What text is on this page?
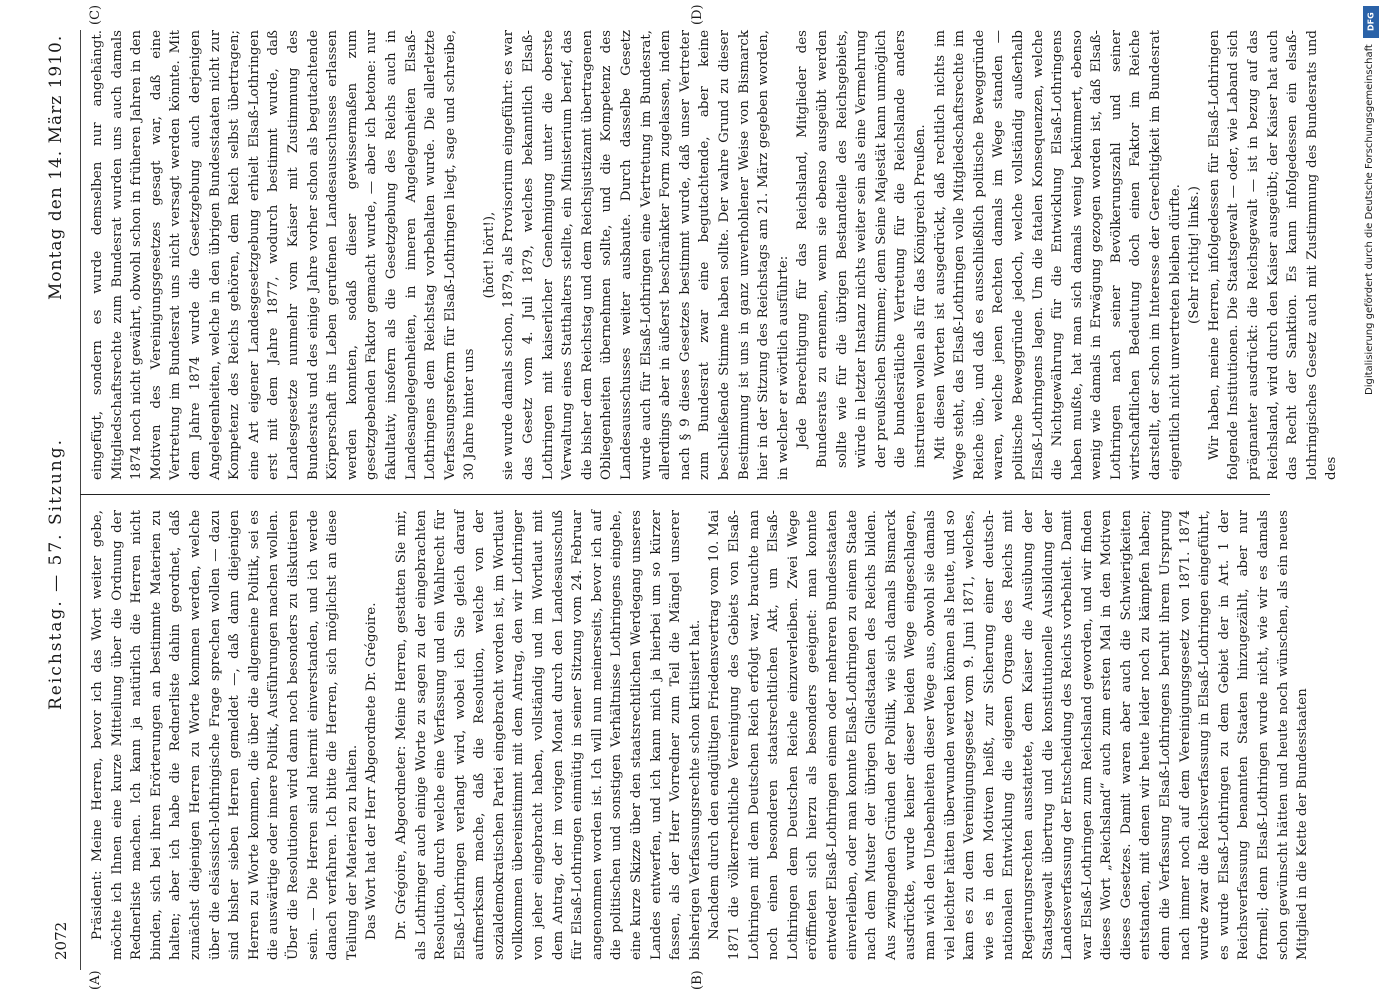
2072
Reichstag. — 57. Sitzung.
Montag den 14. März 1910.
(A)	(B)
(C)	(D)

Präsident: Meine Herren, bevor ich das Wort weiter gebe, möchte ich Ihnen eine kurze Mitteilung über die Ordnung der Rednerliste machen. Ich kann ja natürlich die Herren nicht binden, sich bei ihren Erörterungen an bestimmte Materien zu halten; aber ich habe die Rednerliste dahin geordnet, daß zunächst diejenigen Herren zu Worte kommen werden, welche über die elsässisch-lothringische Frage sprechen wollen — dazu sind bisher sieben Herren gemeldet —, daß dann diejenigen Herren zu Worte kommen, die über die allgemeine Politik, sei es die auswärtige oder innere Politik, Ausführungen machen wollen. Über die Resolutionen wird dann noch besonders zu diskutieren sein. — Die Herren sind hiermit einverstanden, und ich werde danach verfahren. Ich bitte die Herren, sich möglichst an diese Teilung der Materien zu halten. Das Wort hat der Herr Abgeordnete Dr. Grégoire. Dr. Grégoire, Abgeordneter: Meine Herren, gestatten Sie mir, als Lothringer auch einige Worte zu sagen zu der eingebrachten Resolution, durch welche eine Verfassung und ein Wahlrecht für Elsaß-Lothringen verlangt wird, wobei ich Sie gleich darauf aufmerksam mache, daß die Resolution, welche von der sozialdemokratischen Partei eingebracht worden ist, im Wortlaut vollkommen übereinstimmt mit dem Antrag, den wir Lothringer von jeher eingebracht haben, vollständig und im Wortlaut mit dem Antrag, der im vorigen Monat durch den Landesausschuß für Elsaß-Lothringen einmütig in seiner Sitzung vom 24. Februar angenommen worden ist. Ich will nun meinerseits, bevor ich auf die politischen und sonstigen Verhältnisse Lothringens eingehe, eine kurze Skizze über den staatsrechtlichen Werdegang unseres Landes entwerfen, und ich kann mich ja hierbei um so kürzer fassen, als der Herr Vorredner zum Teil die Mängel unserer bisherigen Verfassungsrechte schon kritisiert hat. Nachdem durch den endgültigen Friedensvertrag vom 10. Mai 1871 die völkerrechtliche Vereinigung des Gebiets von Elsaß-Lothringen mit dem Deutschen Reich erfolgt war, brauchte man noch einen besonderen staatsrechtlichen Akt, um Elsaß-Lothringen dem Deutschen Reiche einzuverleiben. Zwei Wege eröffneten sich hierzu als besonders geeignet: man konnte entweder Elsaß-Lothringen einem oder mehreren Bundesstaaten einverleiben, oder man konnte Elsaß-Lothringen zu einem Staate nach dem Muster der übrigen Gliedstaaten des Reichs bilden. Aus zwingenden Gründen der Politik, wie sich damals Bismarck ausdrückte, wurde keiner dieser beiden Wege eingeschlagen, man wich den Unebenheiten dieser Wege aus, obwohl sie damals viel leichter hätten überwunden werden können als heute, und so kam es zu dem Vereinigungsgesetz vom 9. Juni 1871, welches, wie es in den Motiven heißt, zur Sicherung einer deutsch-nationalen Entwicklung die eigenen Organe des Reichs mit Regierungsrechten ausstattete, dem Kaiser die Ausübung der Staatsgewalt übertrug und die konstitutionelle Ausbildung der Landesverfassung der Entscheidung des Reichs vorbehielt. Damit war Elsaß-Lothringen zum Reichsland geworden, und wir finden dieses Wort „Reichsland“ auch zum ersten Mal in den Motiven dieses Gesetzes. Damit waren aber auch die Schwierigkeiten entstanden, mit denen wir heute leider noch zu kämpfen haben; denn die Verfassung Elsaß-Lothringens beruht ihrem Ursprung nach immer noch auf dem Vereinigungsgesetz von 1871. 1874 wurde zwar die Reichsverfassung in Elsaß-Lothringen eingeführt, es wurde Elsaß-Lothringen zu dem Gebiet der in Art. 1 der Reichsverfassung benannten Staaten hinzugezählt, aber nur formell; denn Elsaß-Lothringen wurde nicht, wie wir es damals schon gewünscht hätten und heute noch wünschen, als ein neues Mitglied in die Kette der Bundesstaaten

eingefügt, sondern es wurde demselben nur angehängt. Mitgliedschaftsrechte zum Bundesrat wurden uns auch damals 1874 noch nicht gewährt, obwohl schon in früheren Jahren in den Motiven des Vereinigungsgesetzes gesagt war, daß eine Vertretung im Bundesrat uns nicht versagt werden könnte. Mit dem Jahre 1874 wurde die Gesetzgebung auch derjenigen Angelegenheiten, welche in den übrigen Bundesstaaten nicht zur Kompetenz des Reichs gehören, dem Reich selbst übertragen; eine Art eigener Landesgesetzgebung erhielt Elsaß-Lothringen erst mit dem Jahre 1877, wodurch bestimmt wurde, daß Landesgesetze nunmehr vom Kaiser mit Zustimmung des Bundesrats und des einige Jahre vorher schon als begutachtende Körperschaft ins Leben gerufenen Landesausschusses erlassen werden konnten, sodaß dieser gewissermaßen zum gesetzgebenden Faktor gemacht wurde, — aber ich betone: nur fakultativ, insofern als die Gesetzgebung des Reichs auch in Landesangelegenheiten, in inneren Angelegenheiten Elsaß-Lothringens dem Reichstag vorbehalten wurde. Die allerletzte Verfassungsreform für Elsaß-Lothringen liegt, sage und schreibe, 30 Jahre hinter uns

(hört! hört!), sie wurde damals schon, 1879, als Provisorium eingeführt: es war das Gesetz vom 4. Juli 1879, welches bekanntlich Elsaß-Lothringen mit kaiserlicher Genehmigung unter die oberste Verwaltung eines Statthalters stellte, ein Ministerium berief, das die bisher dem Reichstag und dem Reichsjustizamt übertragenen Obliegenheiten übernehmen sollte, und die Kompetenz des Landesausschusses weiter ausbaute. Durch dasselbe Gesetz wurde auch für Elsaß-Lothringen eine Vertretung im Bundesrat, allerdings aber in äußerst beschränkter Form zugelassen, indem nach § 9 dieses Gesetzes bestimmt wurde, daß unser Vertreter zum Bundesrat zwar eine begutachtende, aber keine beschließende Stimme haben sollte. Der wahre Grund zu dieser Bestimmung ist uns in ganz unverhohlener Weise von Bismarck hier in der Sitzung des Reichstags am 21. März gegeben worden, in welcher er wörtlich ausführte: Jede Berechtigung für das Reichsland, Mitglieder des Bundesrats zu ernennen, wenn sie ebenso ausgeübt werden sollte wie für die übrigen Bestandteile des Reichsgebiets, würde in letzter Instanz nichts weiter sein als eine Vermehrung der preußischen Stimmen; denn Seine Majestät kann unmöglich die bundesrätliche Vertretung für die Reichslande anders instruieren wollen als für das Königreich Preußen. Mit diesen Worten ist ausgedrückt, daß rechtlich nichts im Wege steht, das Elsaß-Lothringen volle Mitgliedschaftsrechte im Reiche übe, und daß es ausschließlich politische Beweggründe waren, welche jenen Rechten damals im Wege standen — politische Beweggründe jedoch, welche vollständig außerhalb Elsaß-Lothringens lagen. Um die fatalen Konsequenzen, welche die Nichtgewährung für die Entwicklung Elsaß-Lothringens haben mußte, hat man sich damals wenig bekümmert, ebenso wenig wie damals in Erwägung gezogen worden ist, daß Elsaß-Lothringen nach seiner Bevölkerungszahl und seiner wirtschaftlichen Bedeutung doch einen Faktor im Reiche darstellt, der schon im Interesse der Gerechtigkeit im Bundesrat eigentlich nicht unvertreten bleiben dürfte. (Sehr richtig! links.) Wir haben, meine Herren, infolgedessen für Elsaß-Lothringen folgende Institutionen. Die Staatsgewalt — oder, wie Laband sich prägnanter ausdrückt: die Reichsgewalt — ist in bezug auf das Reichsland, wird durch den Kaiser ausgeübt; der Kaiser hat auch das Recht der Sanktion. Es kann infolgedessen ein elsaß-lothringisches Gesetz auch mit Zustimmung des Bundesrats und des

DFG
Digitalisierung gefördert durch die Deutsche Forschungsgemeinschaft
